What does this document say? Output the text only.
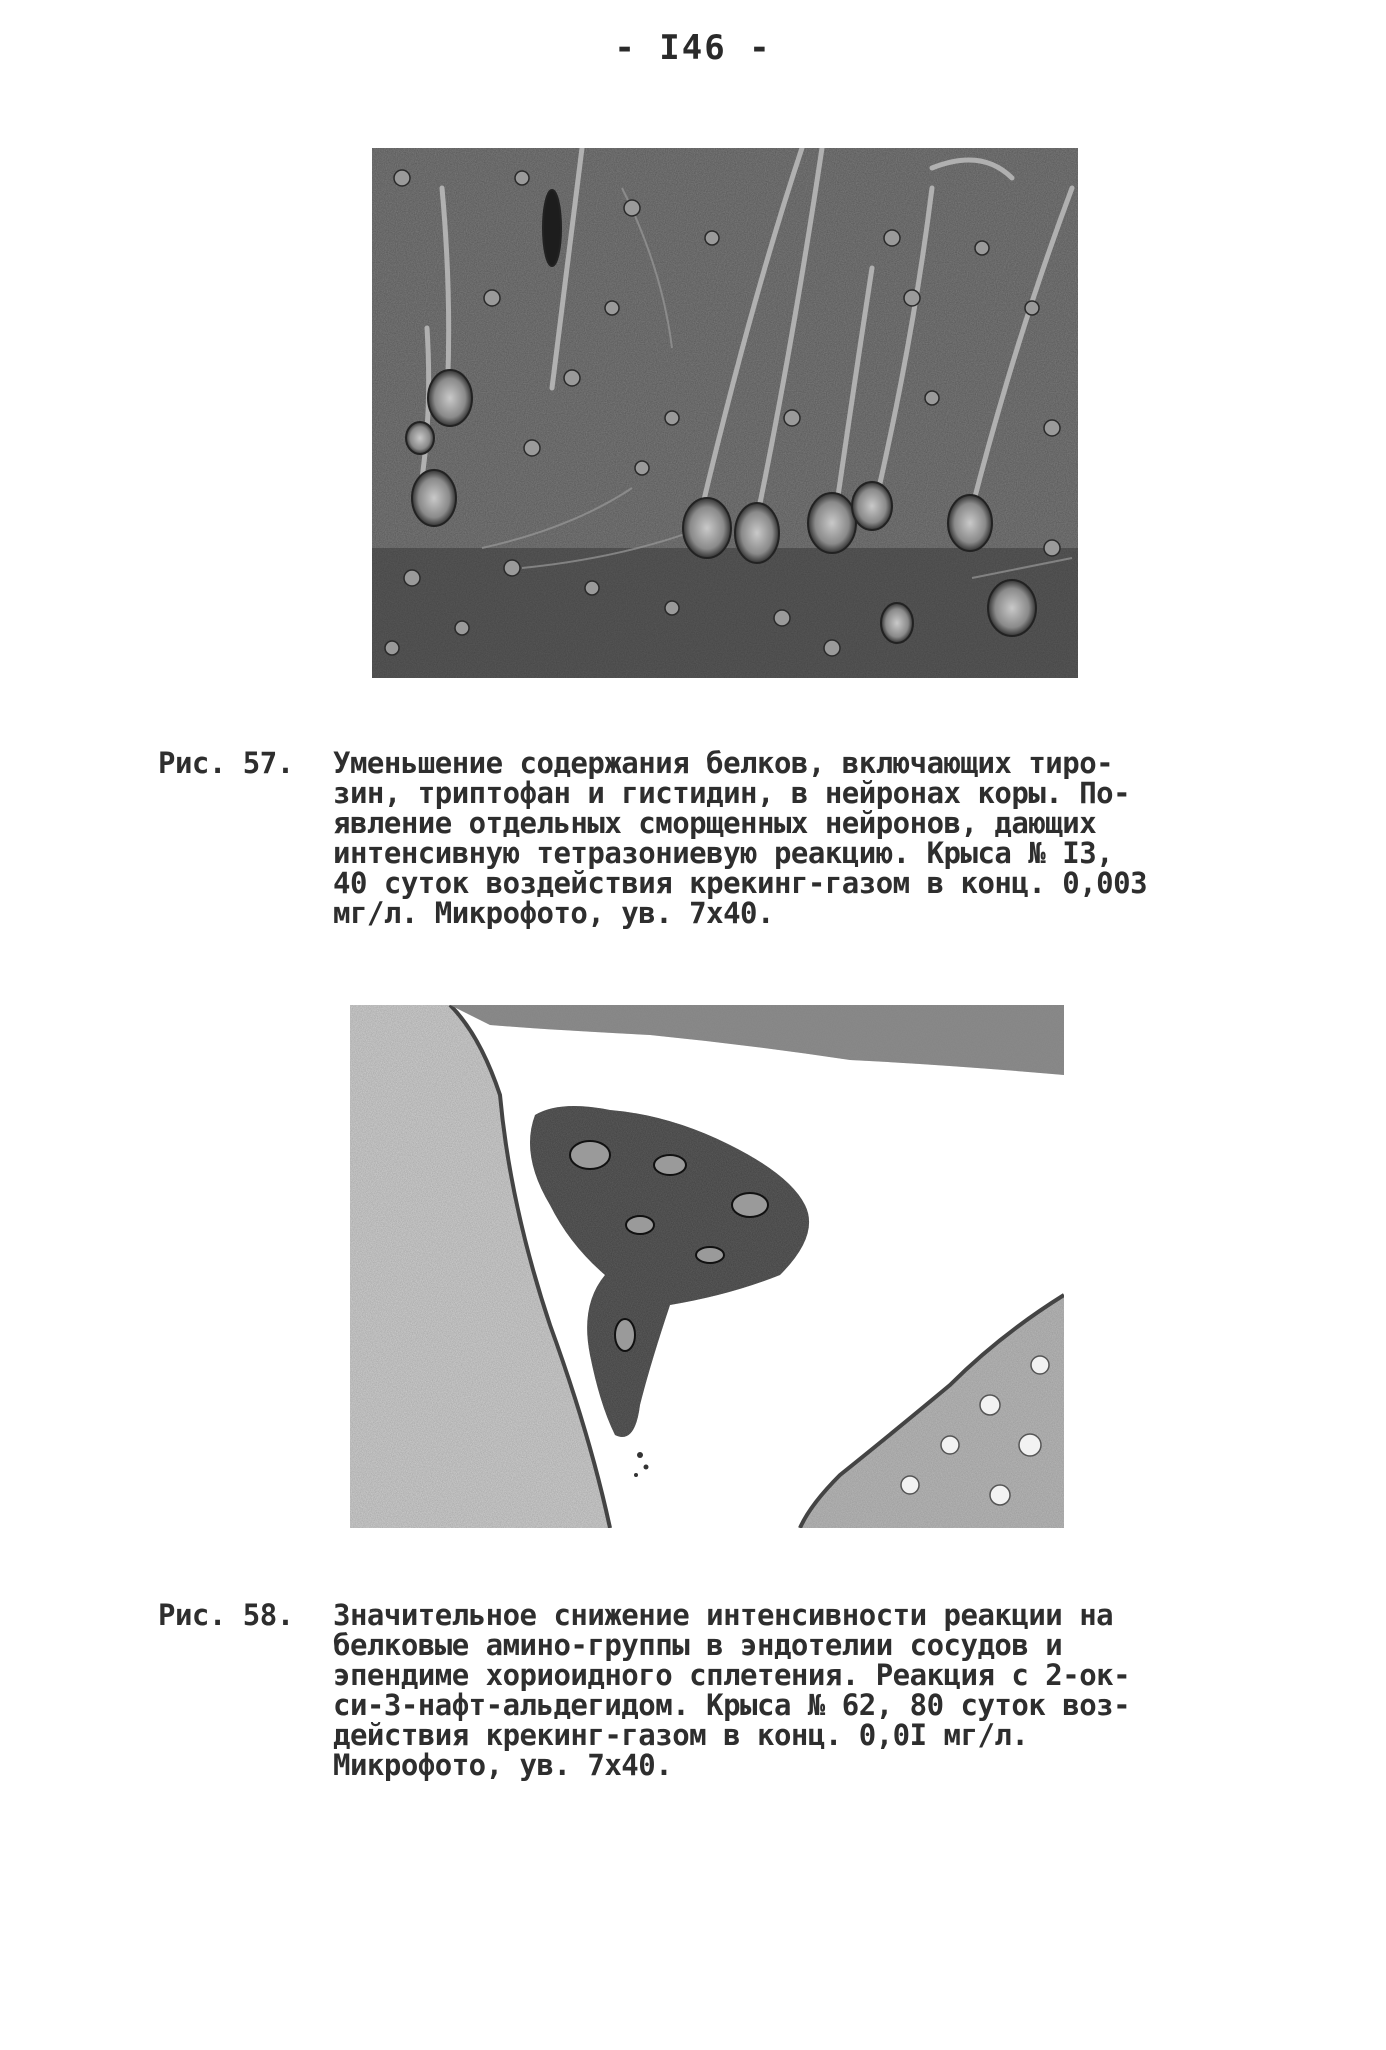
- I46 -
Рис. 57. Уменьшение содержания белков, включающих тиро-
зин, триптофан и гистидин, в нейронах коры. По-
явление отдельных сморщенных нейронов, дающих
интенсивную тетразониевую реакцию. Крыса № I3,
40 суток воздействия крекинг-газом в конц. 0,003
мг/л. Микрофото, ув. 7х40.
Рис. 58. Значительное снижение интенсивности реакции на
белковые амино-группы в эндотелии сосудов и
эпендиме хориоидного сплетения. Реакция с 2-ок-
си-3-нафт-альдегидом. Крыса № 62, 80 суток воз-
действия крекинг-газом в конц. 0,0I мг/л.
Микрофото, ув. 7х40.
